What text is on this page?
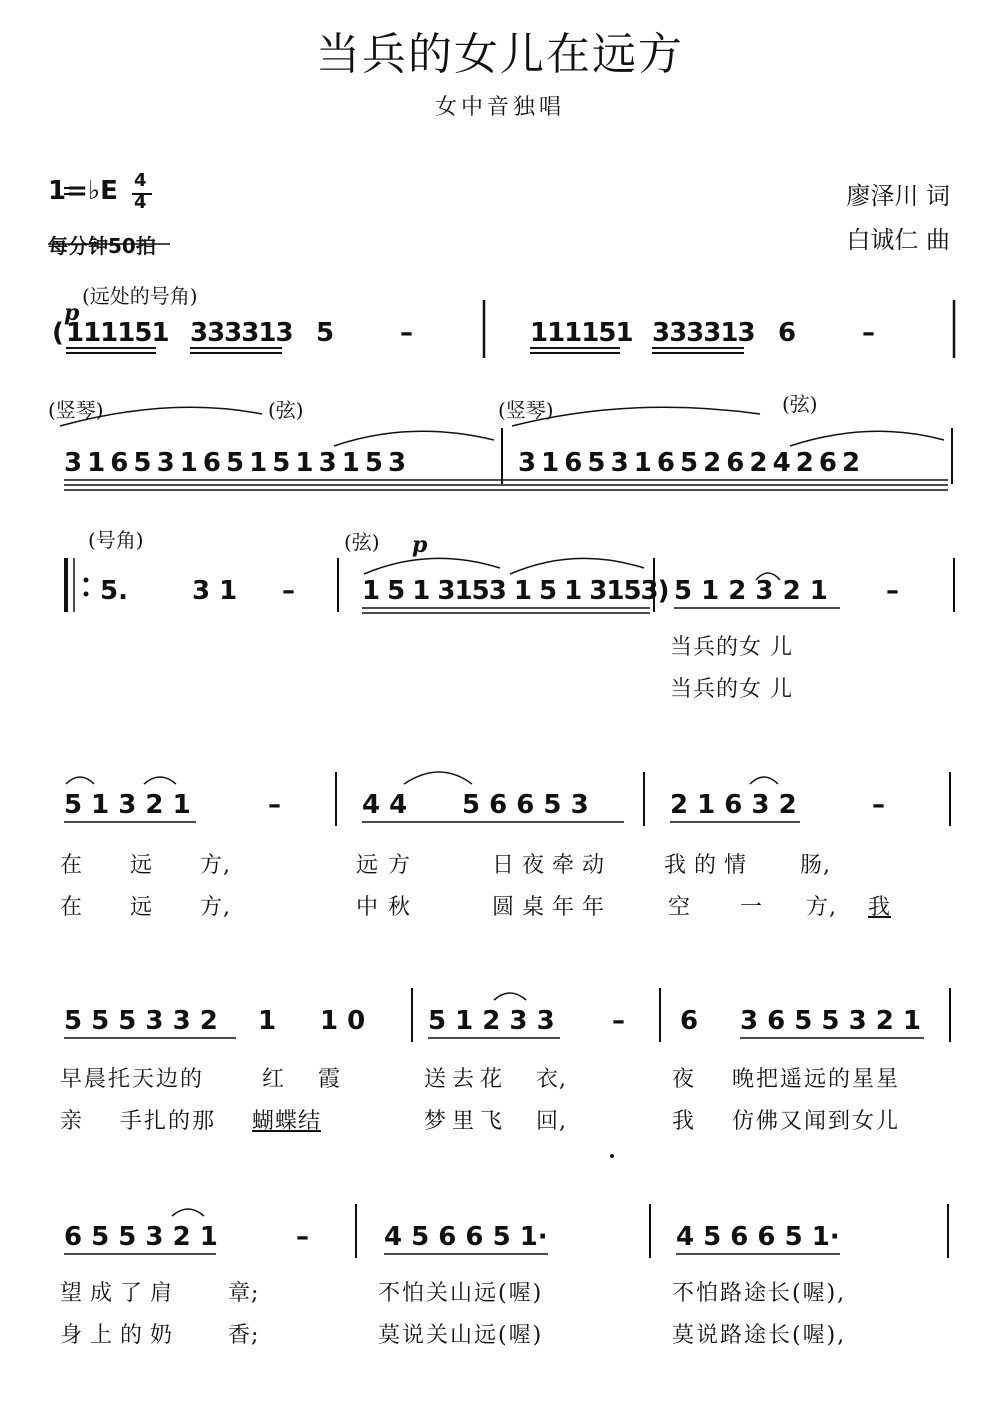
当兵的女儿在远方
女中音独唱
1=♭E 4
4
每分钟50拍
廖泽川 词
白诚仁 曲
p
(远处的号角)
( 111151 333313 5	–	111151 333313 6	–
(竖琴)	(弦)	(竖琴)	(弦)
3 1 6 5 3 1 6 5 1 5 1 3 1 5 3	3 1 6 5 3 1 6 5 2 6 2 4 2 6 2
(号角)	(弦) p
5. 3 1 –	1 5 1 3153 1 5 1 3153) 5 1 2 3 2 1 –
当兵的女 儿
当兵的女 儿
5 1 3 2 1	–	4 4 5 6 6 5 3	2 1 6 3 2	–
在 远 方,	远方	日夜牵动 我的情 肠,
在 远 方,	中秋	圆桌年年	空 一 方, 我
5 5 5 3 3 2 1 1 0 5 1 2 3 3 – 6 3 6 5 5 3 2 1
早晨托天边的	红 霞	送去花 衣,	夜 晚把遥远的星星
亲 手扎的那 蝴蝶结	梦里飞 回,	我 仿佛又闻到女儿
6 5 5 3 2 1	–	4 5 6 6 5 1·	4 5 6 6 5 1·
望成了肩 章;	不怕关山远(喔)	不怕路途长(喔),
身上的奶 香;	莫说关山远(喔)	莫说路途长(喔),
